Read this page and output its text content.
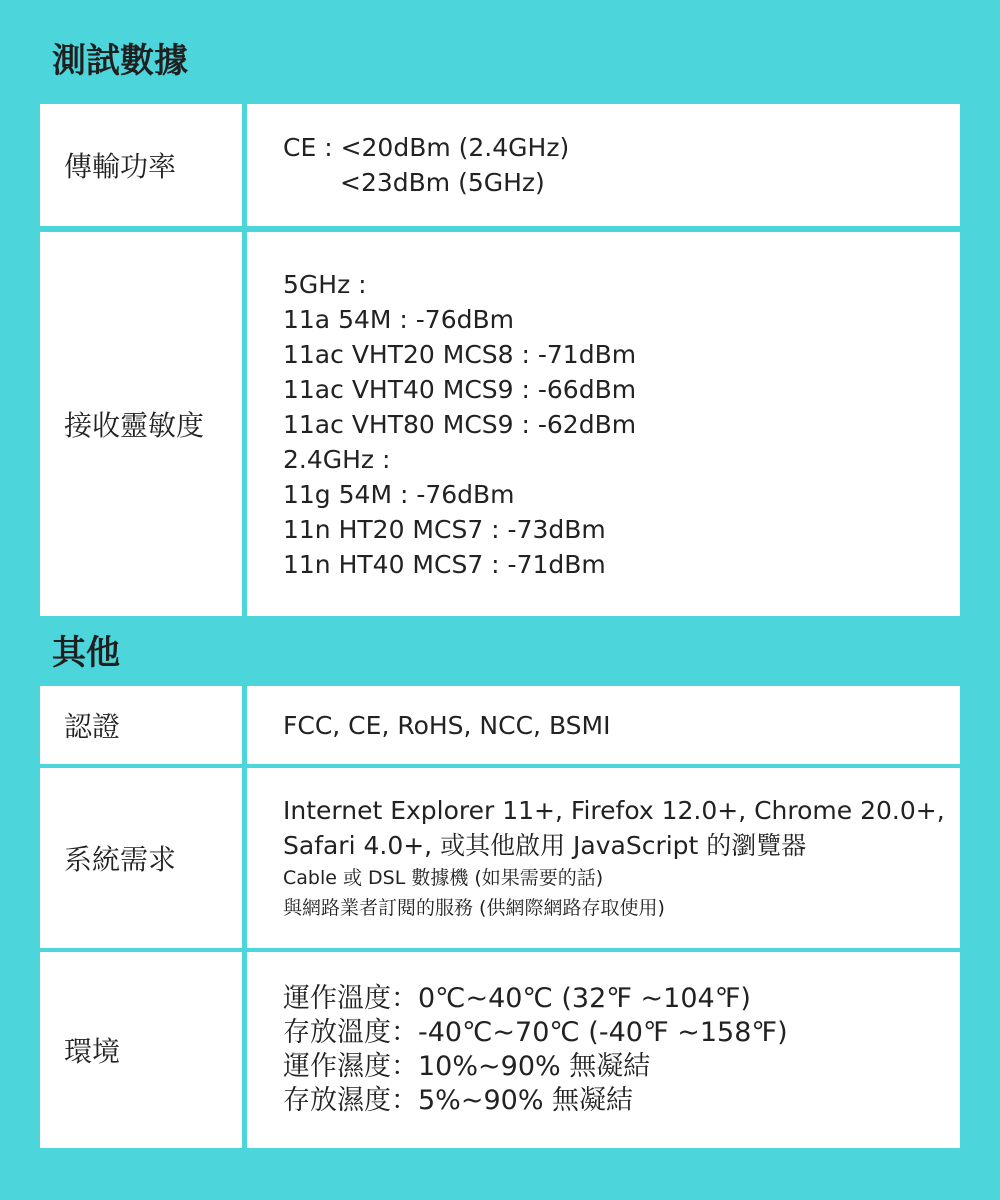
測試數據
傳輸功率
CE : <20dBm (2.4GHz)
<23dBm (5GHz)
接收靈敏度
5GHz :
11a 54M : -76dBm
11ac VHT20 MCS8 : -71dBm
11ac VHT40 MCS9 : -66dBm
11ac VHT80 MCS9 : -62dBm
2.4GHz :
11g 54M : -76dBm
11n HT20 MCS7 : -73dBm
11n HT40 MCS7 : -71dBm
其他
認證	FCC, CE, RoHS, NCC, BSMI
系統需求
Internet Explorer 11+, Firefox 12.0+, Chrome 20.0+,
Safari 4.0+, 或其他啟用 JavaScript 的瀏覽器
Cable 或 DSL 數據機 (如果需要的話)
與網路業者訂閱的服務 (供網際網路存取使用)
環境
運作溫度：0℃~40℃ (32℉ ~104℉)
存放溫度：-40℃~70℃ (-40℉ ~158℉)
運作濕度：10%~90% 無凝結
存放濕度：5%~90% 無凝結
